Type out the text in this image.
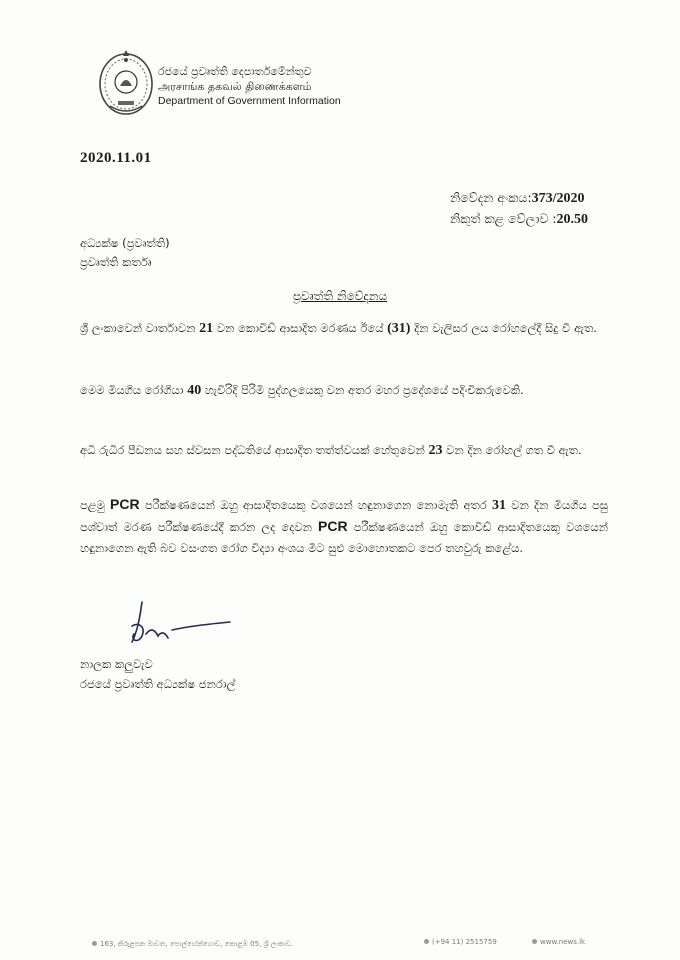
රජයේ ප්‍රවෘත්ති දෙපාර්තමේන්තුව
அரசாங்க தகவல் திணைக்களம்
Department of Government Information
2020.11.01
නිවේදන අංකය:373/2020
නිකුත් කළ වේලාව :20.50
අධ්‍යක්ෂ (ප්‍රවෘත්ති)
ප්‍රවෘත්ති කර්තෘ
ප්‍රවෘත්ති නිවේදනය
ශ්‍රී ලංකාවෙන් වාර්තාවන 21 වන කොවිඩ් ආසාදිත මරණය ඊයේ (31) දින වැලිසර ලය රෝහලේදී සිදු වී ඇත.
මෙම මියගිය රෝගියා 40 හැවිරිදි පිරිමි පුද්ගලයෙකු වන අතර මහර ප්‍රදේශයේ පදිංචිකරුවෙකි.
අධි රුධිර පීඩනය සහ ස්වසන පද්ධතියේ ආසාදිත තත්ත්වයක් හේතුවෙන් 23 වන දින රෝහල් ගත වී ඇත.
පළමු PCR පරීක්ෂණයෙන් ඔහු ආසාදිතයෙකු වශයෙන් හඳුනාගෙන නොමැති අතර 31 වන දින මියගිය පසු පශ්චාත් මරණ පරීක්ෂණයේදී කරන ලද දෙවන PCR පරීක්ෂණයෙන් ඔහු කොවිඩ් ආසාදිතයෙකු වශයෙන් හඳුනාගෙන ඇති බව වසංගත රෝග විද්‍යා අංශය මීට සුළු මොහොතකට පෙර තහවුරු කළේය.
නාලක කලුවැව
රජයේ ප්‍රවෘත්ති අධ්‍යක්ෂ ජනරාල්
163, කිරුළපන මාවත, පොල්හේන්ගොඩ, කොළඹ 05, ශ්‍රී ලංකාව.	(+94 11) 2515759	www.news.lk
